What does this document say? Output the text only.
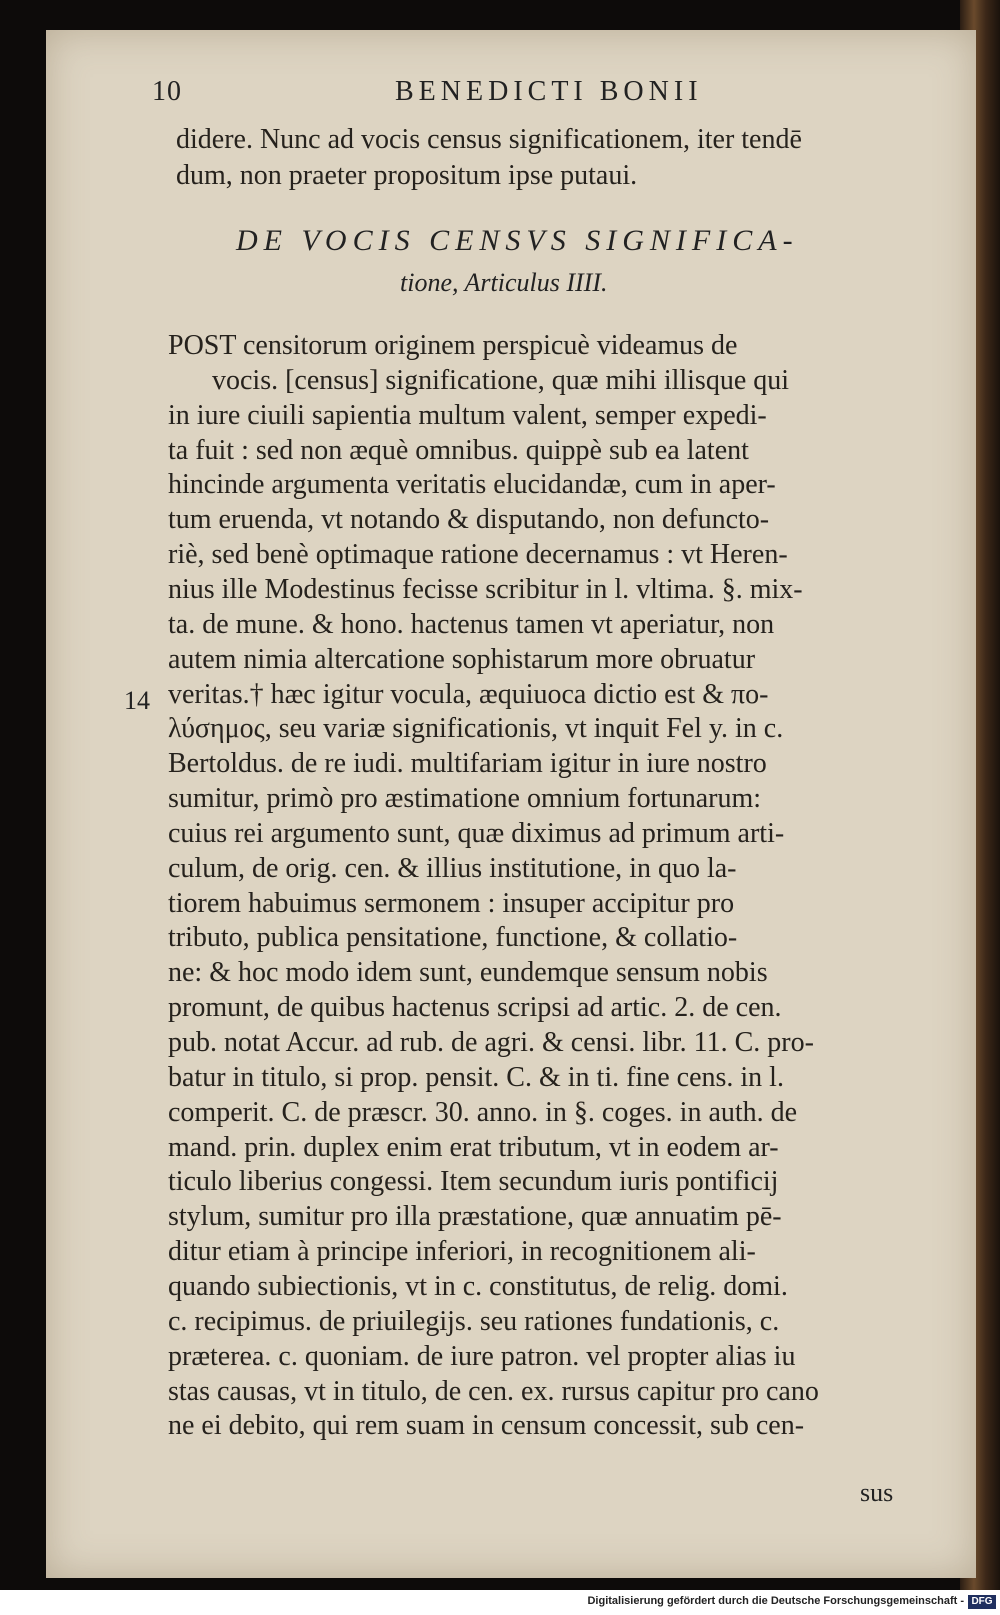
10	BENEDICTI BONII
didere. Nunc ad vocis census significationem, iter tendē
dum, non praeter propositum ipse putaui.
DE VOCIS CENSVS SIGNIFICA-
tione, Articulus IIII.
POST censitorum originem perspicuè videamus de
vocis. [census] significatione, quæ mihi illisque qui
in iure ciuili sapientia multum valent, semper expedi-
ta fuit : sed non æquè omnibus. quippè sub ea latent
hincinde argumenta veritatis elucidandæ, cum in aper-
tum eruenda, vt notando & disputando, non defuncto-
riè, sed benè optimaque ratione decernamus : vt Heren-
nius ille Modestinus fecisse scribitur in l. vltima. §. mix-
ta. de mune. & hono. hactenus tamen vt aperiatur, non
autem nimia altercatione sophistarum more obruatur
veritas.† hæc igitur vocula, æquiuoca dictio est & πο-
λύσημος, seu variæ significationis, vt inquit Fel y. in c.
Bertoldus. de re iudi. multifariam igitur in iure nostro
sumitur, primò pro æstimatione omnium fortunarum:
cuius rei argumento sunt, quæ diximus ad primum arti-
culum, de orig. cen. & illius institutione, in quo la-
tiorem habuimus sermonem : insuper accipitur pro
tributo, publica pensitatione, functione, & collatio-
ne: & hoc modo idem sunt, eundemque sensum nobis
promunt, de quibus hactenus scripsi ad artic. 2. de cen.
pub. notat Accur. ad rub. de agri. & censi. libr. 11. C. pro-
batur in titulo, si prop. pensit. C. & in ti. fine cens. in l.
comperit. C. de præscr. 30. anno. in §. coges. in auth. de
mand. prin. duplex enim erat tributum, vt in eodem ar-
ticulo liberius congessi. Item secundum iuris pontificij
stylum, sumitur pro illa præstatione, quæ annuatim pē-
ditur etiam à principe inferiori, in recognitionem ali-
quando subiectionis, vt in c. constitutus, de relig. domi.
c. recipimus. de priuilegijs. seu rationes fundationis, c.
præterea. c. quoniam. de iure patron. vel propter alias iu
stas causas, vt in titulo, de cen. ex. rursus capitur pro cano
ne ei debito, qui rem suam in censum concessit, sub cen-
14
sus
Digitalisierung gefördert durch die Deutsche Forschungsgemeinschaft - DFG
